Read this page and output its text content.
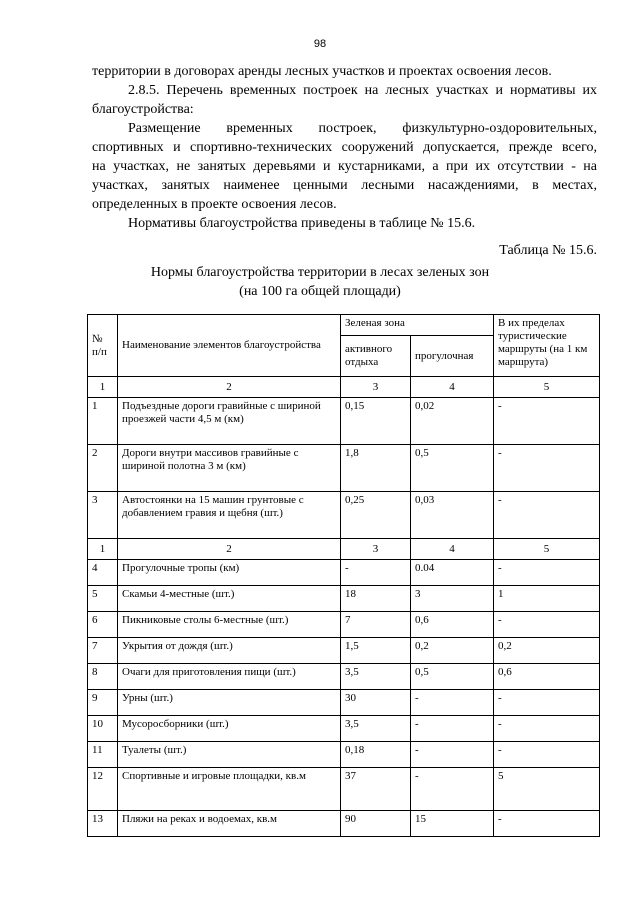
98
территории в договорах аренды лесных участков и проектах освоения лесов.
2.8.5. Перечень временных построек на лесных участках и нормативы их
благоустройства:
Размещение временных построек, физкультурно-оздоровительных,
спортивных и спортивно-технических сооружений допускается, прежде всего,
на участках, не занятых деревьями и кустарниками, а при их отсутствии - на
участках, занятых наименее ценными лесными насаждениями, в местах,
определенных в проекте освоения лесов.
Нормативы благоустройства приведены в таблице № 15.6.
Таблица № 15.6.
Нормы благоустройства территории в лесах зеленых зон
(на 100 га общей площади)
№ п/п	Наименование элементов благоустройства	Зеленая зона		В их пределах туристические маршруты (на 1 км маршрута)
		активного отдыха	прогулочная	
1	2	3	4	5
1	Подъездные дороги гравийные с шириной проезжей части 4,5 м (км)	0,15	0,02	-
2	Дороги внутри массивов гравийные с шириной полотна 3 м (км)	1,8	0,5	-
3	Автостоянки на 15 машин грунтовые с добавлением гравия и щебня (шт.)	0,25	0,03	-
1	2	3	4	5
4	Прогулочные тропы (км)	-	0.04	-
5	Скамьи 4-местные (шт.)	18	3	1
6	Пикниковые столы 6-местные (шт.)	7	0,6	-
7	Укрытия от дождя (шт.)	1,5	0,2	0,2
8	Очаги для приготовления пищи (шт.)	3,5	0,5	0,6
9	Урны (шт.)	30	-	-
10	Мусоросборники (шт.)	3,5	-	-
11	Туалеты (шт.)	0,18	-	-
12	Спортивные и игровые площадки, кв.м	37	-	5
13	Пляжи на реках и водоемах, кв.м	90	15	-
